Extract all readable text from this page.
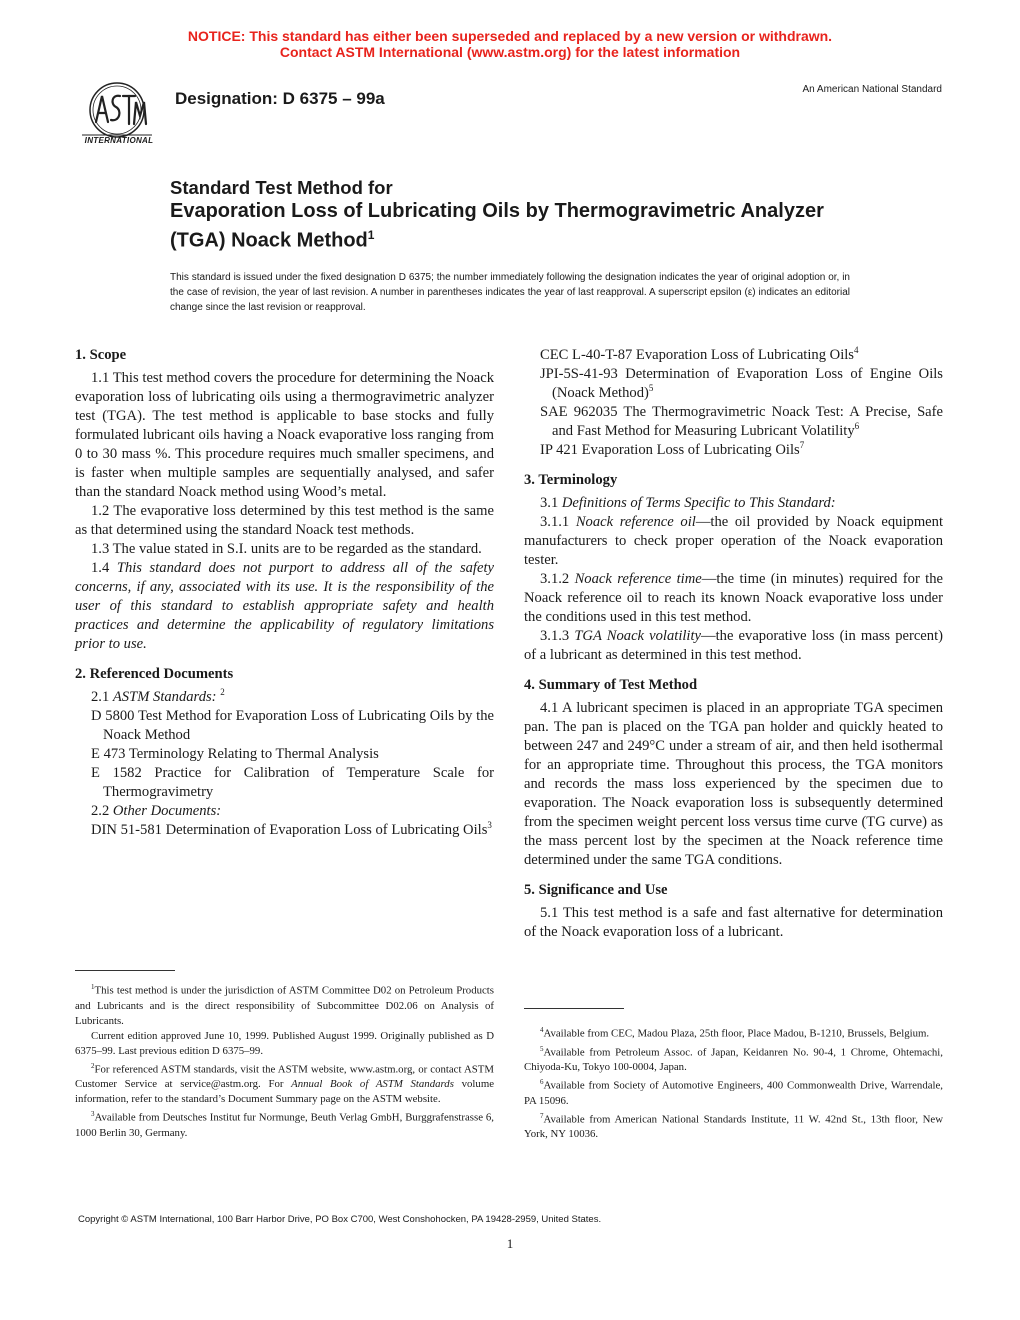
NOTICE: This standard has either been superseded and replaced by a new version or withdrawn.
Contact ASTM International (www.astm.org) for the latest information
INTERNATIONAL
Designation: D 6375 – 99a	An American National Standard
Standard Test Method for
Evaporation Loss of Lubricating Oils by Thermogravimetric Analyzer (TGA) Noack Method$^1$
This standard is issued under the fixed designation D 6375; the number immediately following the designation indicates the year of original adoption or, in the case of revision, the year of last revision. A number in parentheses indicates the year of last reapproval. A superscript epsilon (ε) indicates an editorial change since the last revision or reapproval.
1. Scope

1.1 This test method covers the procedure for determining the Noack evaporation loss of lubricating oils using a thermogravimetric analyzer test (TGA). The test method is applicable to base stocks and fully formulated lubricant oils having a Noack evaporative loss ranging from 0 to 30 mass %. This procedure requires much smaller specimens, and is faster when multiple samples are sequentially analysed, and safer than the standard Noack method using Wood’s metal.

1.2 The evaporative loss determined by this test method is the same as that determined using the standard Noack test methods.

1.3 The value stated in S.I. units are to be regarded as the standard.

1.4 This standard does not purport to address all of the safety concerns, if any, associated with its use. It is the responsibility of the user of this standard to establish appropriate safety and health practices and determine the applicability of regulatory limitations prior to use.

2. Referenced Documents

2.1 ASTM Standards: $^2$

D 5800 Test Method for Evaporation Loss of Lubricating Oils by the Noack Method

E 473 Terminology Relating to Thermal Analysis

E 1582 Practice for Calibration of Temperature Scale for Thermogravimetry

2.2 Other Documents:

DIN 51-581 Determination of Evaporation Loss of Lubricating Oils$^3$

CEC L-40-T-87 Evaporation Loss of Lubricating Oils$^4$

JPI-5S-41-93 Determination of Evaporation Loss of Engine Oils (Noack Method)$^5$

SAE 962035 The Thermogravimetric Noack Test: A Precise, Safe and Fast Method for Measuring Lubricant Volatility$^6$

IP 421 Evaporation Loss of Lubricating Oils$^7$

3. Terminology

3.1 Definitions of Terms Specific to This Standard:

3.1.1 Noack reference oil—the oil provided by Noack equipment manufacturers to check proper operation of the Noack evaporation tester.

3.1.2 Noack reference time—the time (in minutes) required for the Noack reference oil to reach its known Noack evaporative loss under the conditions used in this test method.

3.1.3 TGA Noack volatility—the evaporative loss (in mass percent) of a lubricant as determined in this test method.

4. Summary of Test Method

4.1 A lubricant specimen is placed in an appropriate TGA specimen pan. The pan is placed on the TGA pan holder and quickly heated to between 247 and 249°C under a stream of air, and then held isothermal for an appropriate time. Throughout this process, the TGA monitors and records the mass loss experienced by the specimen due to evaporation. The Noack evaporation loss is subsequently determined from the specimen weight percent loss versus time curve (TG curve) as the mass percent lost by the specimen at the Noack reference time determined under the same TGA conditions.

5. Significance and Use

5.1 This test method is a safe and fast alternative for determination of the Noack evaporation loss of a lubricant.

$^1$This test method is under the jurisdiction of ASTM Committee D02 on Petroleum Products and Lubricants and is the direct responsibility of Subcommittee D02.06 on Analysis of Lubricants.

Current edition approved June 10, 1999. Published August 1999. Originally published as D 6375–99. Last previous edition D 6375–99.

$^2$For referenced ASTM standards, visit the ASTM website, www.astm.org, or contact ASTM Customer Service at service@astm.org. For Annual Book of ASTM Standards volume information, refer to the standard’s Document Summary page on the ASTM website.

$^3$Available from Deutsches Institut fur Normunge, Beuth Verlag GmbH, Burggrafenstrasse 6, 1000 Berlin 30, Germany.

$^4$Available from CEC, Madou Plaza, 25th floor, Place Madou, B-1210, Brussels, Belgium.

$^5$Available from Petroleum Assoc. of Japan, Keidanren No. 90-4, 1 Chrome, Ohtemachi, Chiyoda-Ku, Tokyo 100-0004, Japan.

$^6$Available from Society of Automotive Engineers, 400 Commonwealth Drive, Warrendale, PA 15096.

$^7$Available from American National Standards Institute, 11 W. 42nd St., 13th floor, New York, NY 10036.

Copyright © ASTM International, 100 Barr Harbor Drive, PO Box C700, West Conshohocken, PA 19428-2959, United States.
1
